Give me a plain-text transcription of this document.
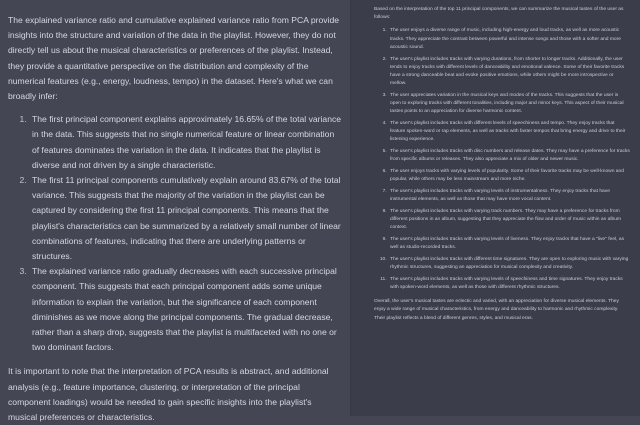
The explained variance ratio and cumulative explained variance ratio from PCA provide insights into the structure and variation of the data in the playlist. However, they do not directly tell us about the musical characteristics or preferences of the playlist. Instead, they provide a quantitative perspective on the distribution and complexity of the numerical features (e.g., energy, loudness, tempo) in the dataset. Here's what we can broadly infer:

1. The first principal component explains approximately 16.65% of the total variance in the data. This suggests that no single numerical feature or linear combination of features dominates the variation in the data. It indicates that the playlist is diverse and not driven by a single characteristic.
2. The first 11 principal components cumulatively explain around 83.67% of the total variance. This suggests that the majority of the variation in the playlist can be captured by considering the first 11 principal components. This means that the playlist's characteristics can be summarized by a relatively small number of linear combinations of features, indicating that there are underlying patterns or structures.
3. The explained variance ratio gradually decreases with each successive principal component. This suggests that each principal component adds some unique information to explain the variation, but the significance of each component diminishes as we move along the principal components. The gradual decrease, rather than a sharp drop, suggests that the playlist is multifaceted with no one or two dominant factors.

It is important to note that the interpretation of PCA results is abstract, and additional analysis (e.g., feature importance, clustering, or interpretation of the principal component loadings) would be needed to gain specific insights into the playlist's musical preferences or characteristics.

Based on the interpretation of the top 11 principal components, we can summarize the musical tastes of the user as follows:

1. The user enjoys a diverse range of music, including high-energy and loud tracks, as well as more acoustic tracks. They appreciate the contrast between powerful and intense songs and those with a softer and more acoustic sound.
2. The user's playlist includes tracks with varying durations, from shorter to longer tracks. Additionally, the user tends to enjoy tracks with different levels of danceability and emotional valence. Some of their favorite tracks have a strong danceable beat and evoke positive emotions, while others might be more introspective or mellow.
3. The user appreciates variation in the musical keys and modes of the tracks. This suggests that the user is open to exploring tracks with different tonalities, including major and minor keys. This aspect of their musical tastes points to an appreciation for diverse harmonic content.
4. The user's playlist includes tracks with different levels of speechiness and tempo. They enjoy tracks that feature spoken-word or rap elements, as well as tracks with faster tempos that bring energy and drive to their listening experience.
5. The user's playlist includes tracks with disc numbers and release dates. They may have a preference for tracks from specific albums or releases. They also appreciate a mix of older and newer music.
6. The user enjoys tracks with varying levels of popularity. Some of their favorite tracks may be well-known and popular, while others may be less mainstream and more niche.
7. The user's playlist includes tracks with varying levels of instrumentalness. They enjoy tracks that have instrumental elements, as well as those that may have more vocal content.
8. The user's playlist includes tracks with varying track numbers. They may have a preference for tracks from different positions in an album, suggesting that they appreciate the flow and order of music within an album context.
9. The user's playlist includes tracks with varying levels of liveness. They enjoy tracks that have a "live" feel, as well as studio-recorded tracks.
10. The user's playlist includes tracks with different time signatures. They are open to exploring music with varying rhythmic structures, suggesting an appreciation for musical complexity and creativity.
11. The user's playlist includes tracks with varying levels of speechiness and time signatures. They enjoy tracks with spoken-word elements, as well as those with different rhythmic structures.

Overall, the user's musical tastes are eclectic and varied, with an appreciation for diverse musical elements. They enjoy a wide range of musical characteristics, from energy and danceability to harmonic and rhythmic complexity. Their playlist reflects a blend of different genres, styles, and musical eras.
